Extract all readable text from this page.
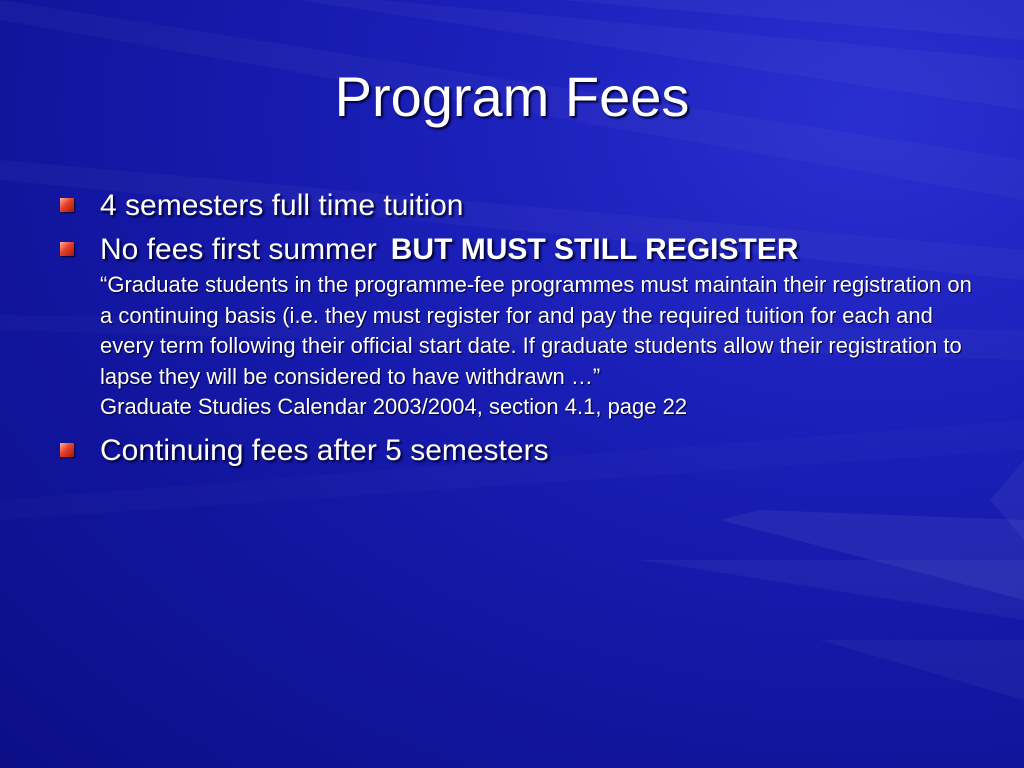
Program Fees
4 semesters full time tuition
No fees first summer BUT MUST STILL REGISTER
“Graduate students in the programme-fee programmes must maintain their registration on a continuing basis (i.e. they must register for and pay the required tuition for each and every term following their official start date. If graduate students allow their registration to lapse they will be considered to have withdrawn …”
Graduate Studies Calendar 2003/2004, section 4.1, page 22
Continuing fees after 5 semesters
